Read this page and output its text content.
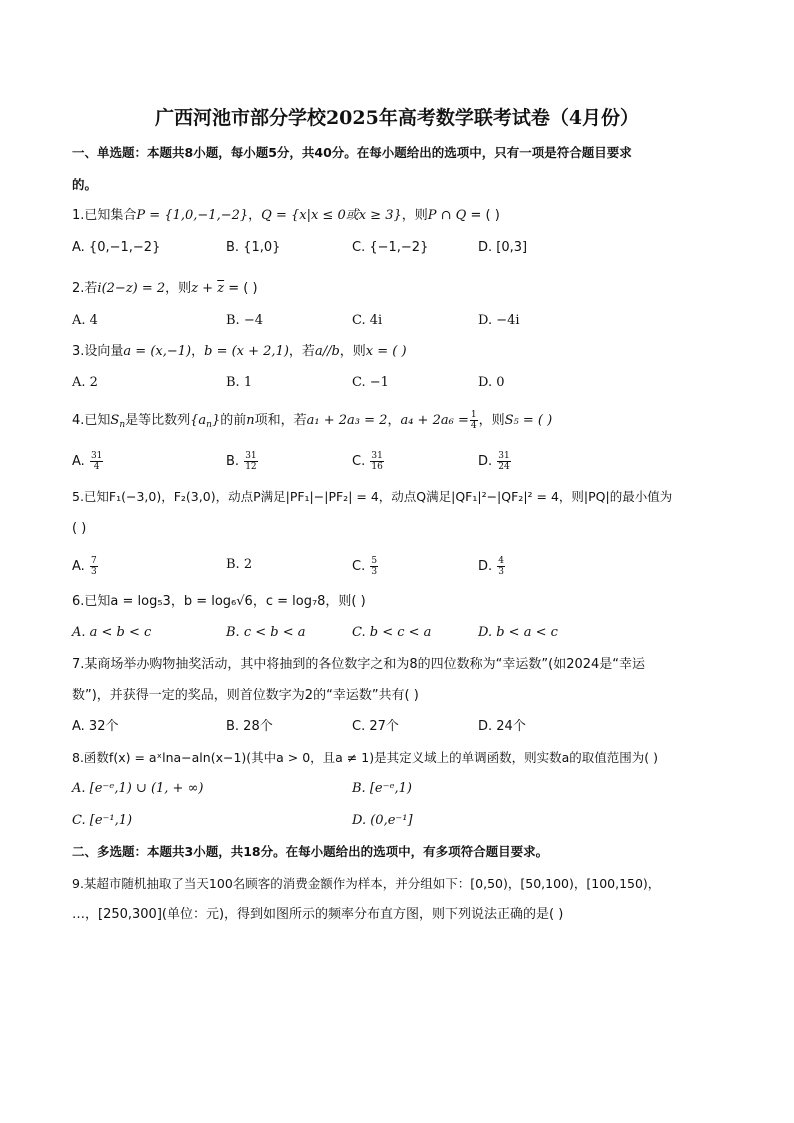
广西河池市部分学校2025年高考数学联考试卷（4月份）
一、单选题：本题共8小题，每小题5分，共40分。在每小题给出的选项中，只有一项是符合题目要求
的。
1.已知集合P = {1,0,−1,−2}，Q = {x|x ≤ 0或x ≥ 3}，则P ∩ Q = ( )
A. {0,−1,−2}	B. {1,0}	C. {−1,−2}	D. [0,3]
2.若i(2−z) = 2，则$z + \overline{z}$ = ( )
A. 4	B. −4	C. 4i	D. −4i
3.设向量a = (x,−1)，b = (x + 2,1)，若a//b，则x = ( )
A. 2	B. 1	C. −1	D. 0
4.已知$S_n$是等比数列$\{a_n\}$的前n项和，若a₁ + 2a₃ = 2，$a_4 + 2a_6 = \frac{1}{4}$ ，则S₅ = ( )
A. $\frac{31}{4}$	B. $\frac{31}{12}$	C. $\frac{31}{16}$	D. $\frac{31}{24}$
5.已知F₁(−3,0)，F₂(3,0)，动点P满足|PF₁|−|PF₂| = 4，动点Q满足|QF₁|²−|QF₂|² = 4，则|PQ|的最小值为
( )
A. $\frac{7}{3}$	B. 2	C. $\frac{5}{3}$	D. $\frac{4}{3}$
6.已知a = log₅3，b = log₆√6，c = log₇8，则( )
A. a < b < c	B. c < b < a	C. b < c < a	D. b < a < c
7.某商场举办购物抽奖活动，其中将抽到的各位数字之和为8的四位数称为“幸运数”(如2024是“幸运
数”)，并获得一定的奖品，则首位数字为2的“幸运数”共有( )
A. 32个	B. 28个	C. 27个	D. 24个
8.函数f(x) = aˣlna−aln(x−1)(其中a > 0，且a ≠ 1)是其定义域上的单调函数，则实数a的取值范围为( )
A. [e⁻ᵉ,1) ∪ (1, + ∞)	B. [e⁻ᵉ,1)
C. [e⁻¹,1)	D. (0,e⁻¹]
二、多选题：本题共3小题，共18分。在每小题给出的选项中，有多项符合题目要求。
9.某超市随机抽取了当天100名顾客的消费金额作为样本，并分组如下：[0,50)，[50,100)，[100,150)，
…，[250,300](单位：元)，得到如图所示的频率分布直方图，则下列说法正确的是( )
